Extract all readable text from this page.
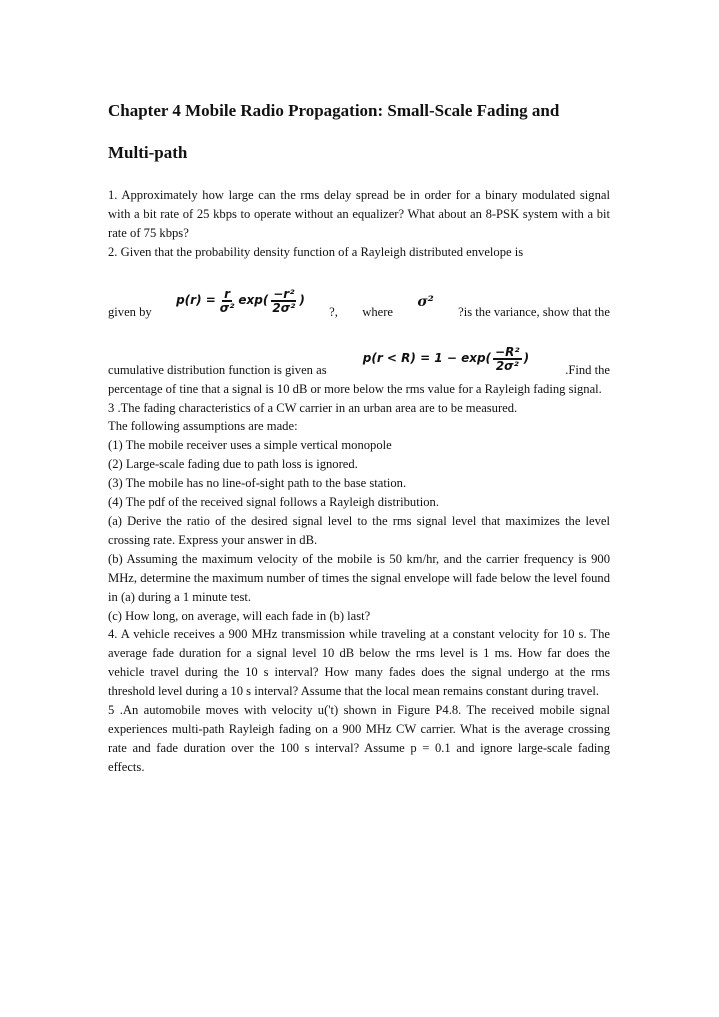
Chapter 4 Mobile Radio Propagation: Small-Scale Fading and
Multi-path

1. Approximately how large can the rms delay spread be in order for a binary modulated signal with a bit rate of 25 kbps to operate without an equalizer? What about an 8-PSK system with a bit rate of 75 kbps?

2. Given that the probability density function of a Rayleigh distributed envelope is

given by
$p(r) = \frac{r}{\text{σ²}} \exp( \frac{\text{−r²}}{\text{2σ²}}$ )
?, where
σ²
?is the variance, show that the
cumulative distribution function is given as
$p(r < R) = 1 - \exp( \frac{\text{−R²}}{\text{2σ²}}$ )
.Find the

percentage of tine that a signal is 10 dB or more below the rms value for a Rayleigh fading signal.

3 .The fading characteristics of a CW carrier in an urban area are to be measured.

The following assumptions are made:

(1) The mobile receiver uses a simple vertical monopole

(2) Large-scale fading due to path loss is ignored.

(3) The mobile has no line-of-sight path to the base station.

(4) The pdf of the received signal follows a Rayleigh distribution.

(a) Derive the ratio of the desired signal level to the rms signal level that maximizes the level crossing rate. Express your answer in dB.

(b) Assuming the maximum velocity of the mobile is 50 km/hr, and the carrier frequency is 900 MHz, determine the maximum number of times the signal envelope will fade below the level found in (a) during a 1 minute test.

(c) How long, on average, will each fade in (b) last?

4. A vehicle receives a 900 MHz transmission while traveling at a constant velocity for 10 s. The average fade duration for a signal level 10 dB below the rms level is 1 ms. How far does the vehicle travel during the 10 s interval? How many fades does the signal undergo at the rms threshold level during a 10 s interval? Assume that the local mean remains constant during travel.

5 .An automobile moves with velocity u('t) shown in Figure P4.8. The received mobile signal experiences multi-path Rayleigh fading on a 900 MHz CW carrier. What is the average crossing rate and fade duration over the 100 s interval? Assume p = 0.1 and ignore large-scale fading effects.
